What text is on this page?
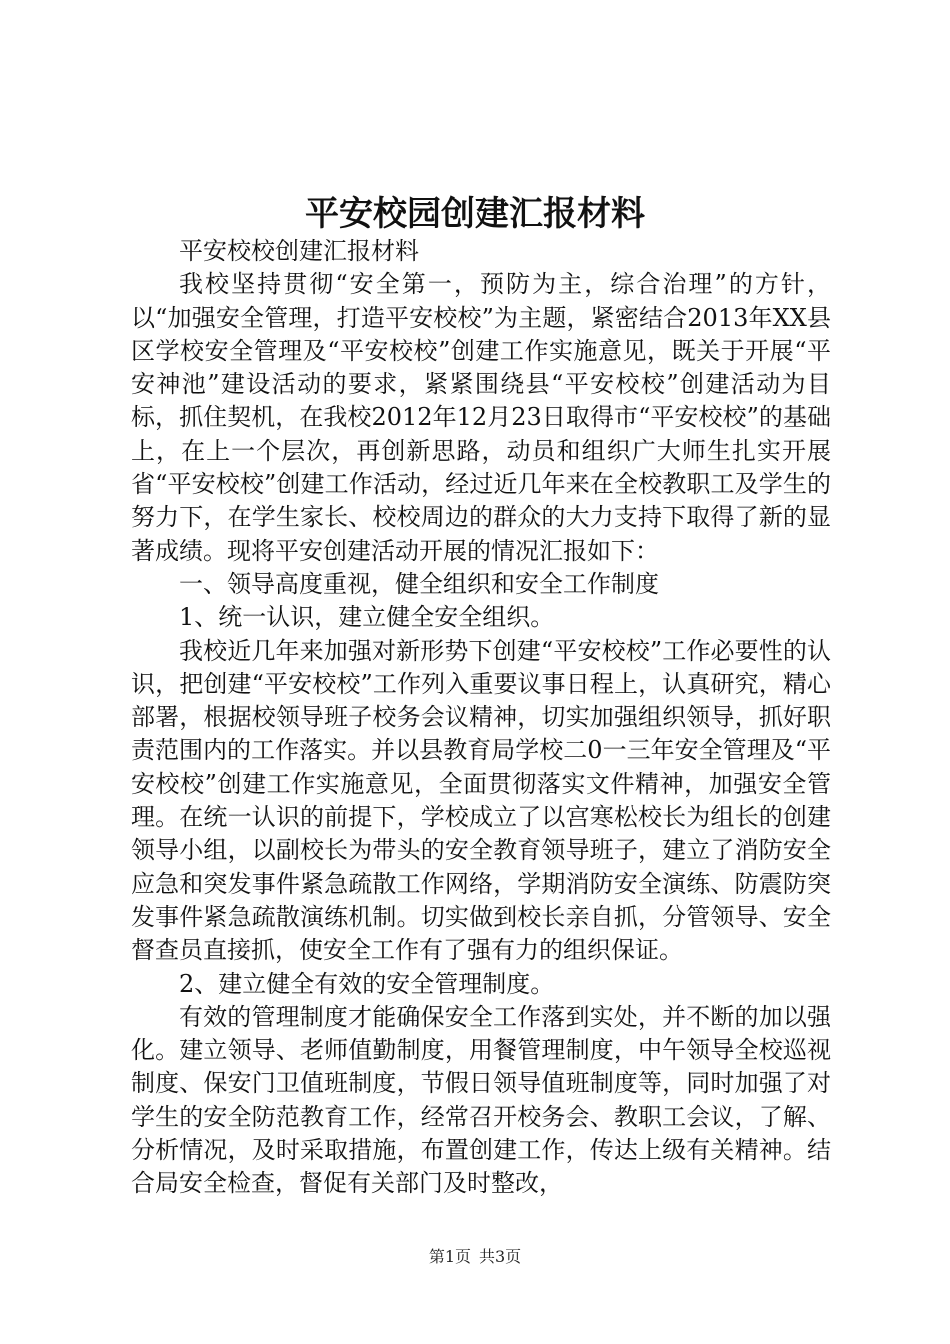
平安校园创建汇报材料

平安校校创建汇报材料

我校坚持贯彻“安全第一，预防为主，综合治理”的方针，以“加强安全管理，打造平安校校”为主题，紧密结合2013年XX县区学校安全管理及“平安校校”创建工作实施意见，既关于开展“平安神池”建设活动的要求，紧紧围绕县“平安校校”创建活动为目标，抓住契机，在我校2012年12月23日取得市“平安校校”的基础上，在上一个层次，再创新思路，动员和组织广大师生扎实开展省“平安校校”创建工作活动，经过近几年来在全校教职工及学生的努力下，在学生家长、校校周边的群众的大力支持下取得了新的显著成绩。现将平安创建活动开展的情况汇报如下：

一、领导高度重视，健全组织和安全工作制度

1、统一认识，建立健全安全组织。

我校近几年来加强对新形势下创建“平安校校”工作必要性的认识，把创建“平安校校”工作列入重要议事日程上，认真研究，精心部署，根据校领导班子校务会议精神，切实加强组织领导，抓好职责范围内的工作落实。并以县教育局学校二0一三年安全管理及“平安校校”创建工作实施意见，全面贯彻落实文件精神，加强安全管理。在统一认识的前提下，学校成立了以宫寒松校长为组长的创建领导小组，以副校长为带头的安全教育领导班子，建立了消防安全应急和突发事件紧急疏散工作网络，学期消防安全演练、防震防突发事件紧急疏散演练机制。切实做到校长亲自抓，分管领导、安全督查员直接抓，使安全工作有了强有力的组织保证。

2、建立健全有效的安全管理制度。

有效的管理制度才能确保安全工作落到实处，并不断的加以强化。建立领导、老师值勤制度，用餐管理制度，中午领导全校巡视制度、保安门卫值班制度，节假日领导值班制度等，同时加强了对学生的安全防范教育工作，经常召开校务会、教职工会议，了解、分析情况，及时采取措施，布置创建工作，传达上级有关精神。结合局安全检查，督促有关部门及时整改，

第1页 共3页
